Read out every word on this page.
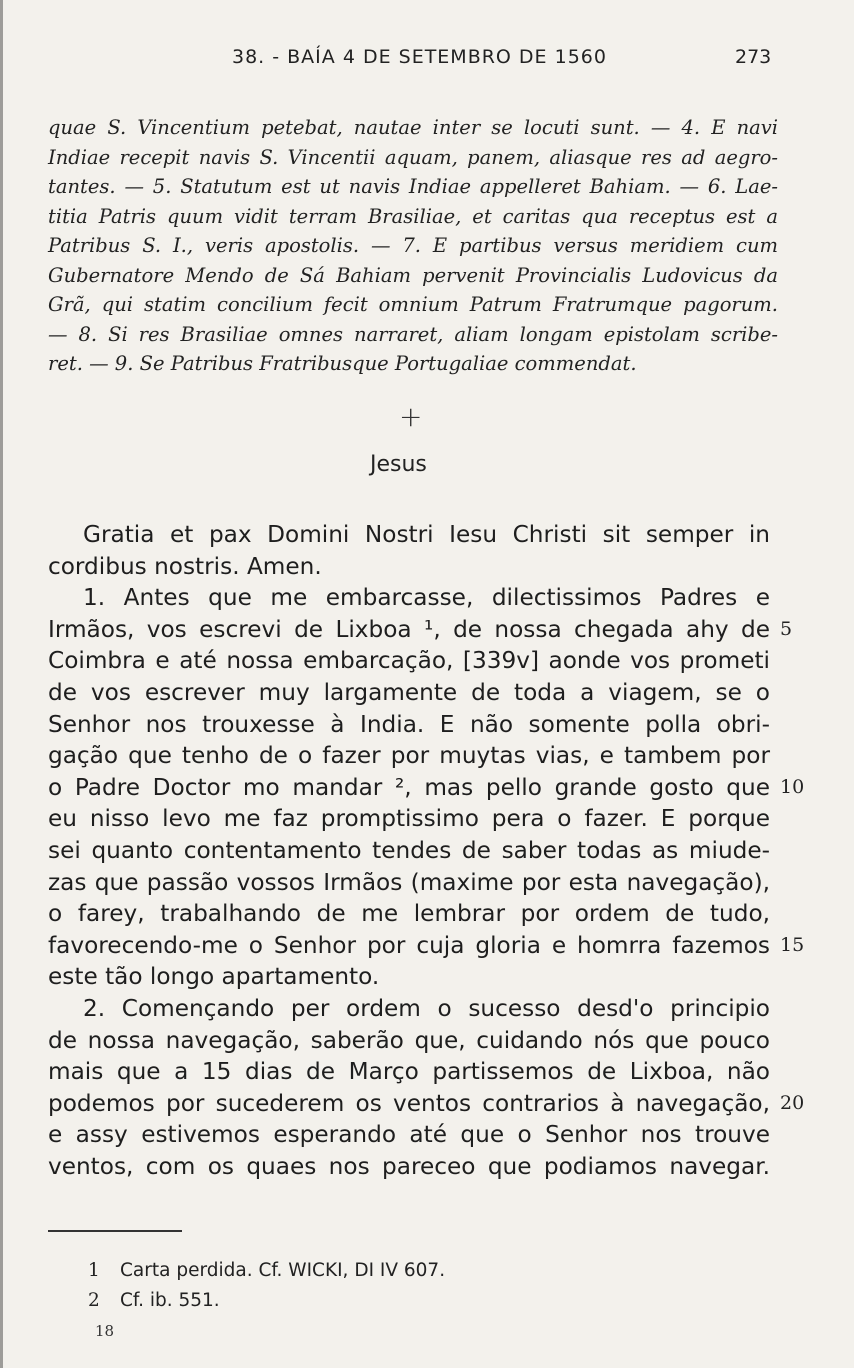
38. - BAÍA 4 DE SETEMBRO DE 1560	273
quae S. Vincentium petebat, nautae inter se locuti sunt. — 4. E navi
Indiae recepit navis S. Vincentii aquam, panem, aliasque res ad aegro-
tantes. — 5. Statutum est ut navis Indiae appelleret Bahiam. — 6. Lae-
titia Patris quum vidit terram Brasiliae, et caritas qua receptus est a
Patribus S. I., veris apostolis. — 7. E partibus versus meridiem cum
Gubernatore Mendo de Sá Bahiam pervenit Provincialis Ludovicus da
Grã, qui statim concilium fecit omnium Patrum Fratrumque pagorum.
— 8. Si res Brasiliae omnes narraret, aliam longam epistolam scribe-
ret. — 9. Se Patribus Fratribusque Portugaliae commendat.
+
Jesus
Gratia et pax Domini Nostri Iesu Christi sit semper in
cordibus nostris. Amen.
1. Antes que me embarcasse, dilectissimos Padres e
Irmãos, vos escrevi de Lixboa ¹, de nossa chegada ahy de
Coimbra e até nossa embarcação, [339v] aonde vos prometi
de vos escrever muy largamente de toda a viagem, se o
Senhor nos trouxesse à India. E não somente polla obri-
gação que tenho de o fazer por muytas vias, e tambem por
o Padre Doctor mo mandar ², mas pello grande gosto que
eu nisso levo me faz promptissimo pera o fazer. E porque
sei quanto contentamento tendes de saber todas as miude-
zas que passão vossos Irmãos (maxime por esta navegação),
o farey, trabalhando de me lembrar por ordem de tudo,
favorecendo-me o Senhor por cuja gloria e homrra fazemos
este tão longo apartamento.
2. Començando per ordem o sucesso desd'o principio
de nossa navegação, saberão que, cuidando nós que pouco
mais que a 15 dias de Março partissemos de Lixboa, não
podemos por sucederem os ventos contrarios à navegação,
e assy estivemos esperando até que o Senhor nos trouve
ventos, com os quaes nos pareceo que podiamos navegar.
5
10
15
20
1 Carta perdida. Cf. WICKI, DI IV 607.
2 Cf. ib. 551.
18
